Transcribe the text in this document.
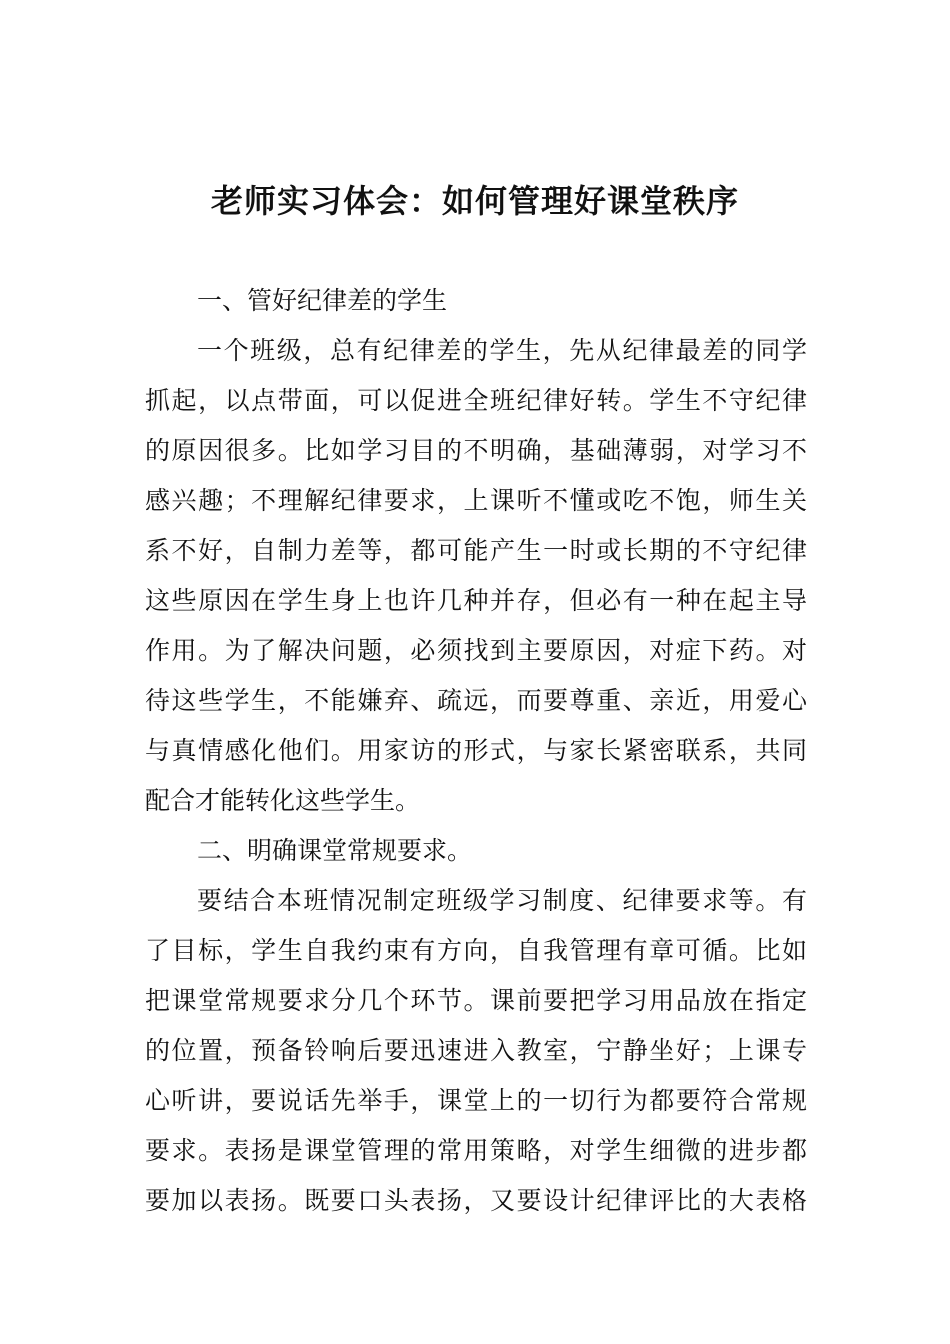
老师实习体会：如何管理好课堂秩序
一、管好纪律差的学生
一个班级，总有纪律差的学生，先从纪律最差的同学
抓起，以点带面，可以促进全班纪律好转。学生不守纪律
的原因很多。比如学习目的不明确，基础薄弱，对学习不
感兴趣；不理解纪律要求，上课听不懂或吃不饱，师生关
系不好，自制力差等，都可能产生一时或长期的不守纪律
这些原因在学生身上也许几种并存，但必有一种在起主导
作用。为了解决问题，必须找到主要原因，对症下药。对
待这些学生，不能嫌弃、疏远，而要尊重、亲近，用爱心
与真情感化他们。用家访的形式，与家长紧密联系，共同
配合才能转化这些学生。
二、明确课堂常规要求。
要结合本班情况制定班级学习制度、纪律要求等。有
了目标，学生自我约束有方向，自我管理有章可循。比如
把课堂常规要求分几个环节。课前要把学习用品放在指定
的位置，预备铃响后要迅速进入教室，宁静坐好；上课专
心听讲，要说话先举手，课堂上的一切行为都要符合常规
要求。表扬是课堂管理的常用策略，对学生细微的进步都
要加以表扬。既要口头表扬，又要设计纪律评比的大表格
